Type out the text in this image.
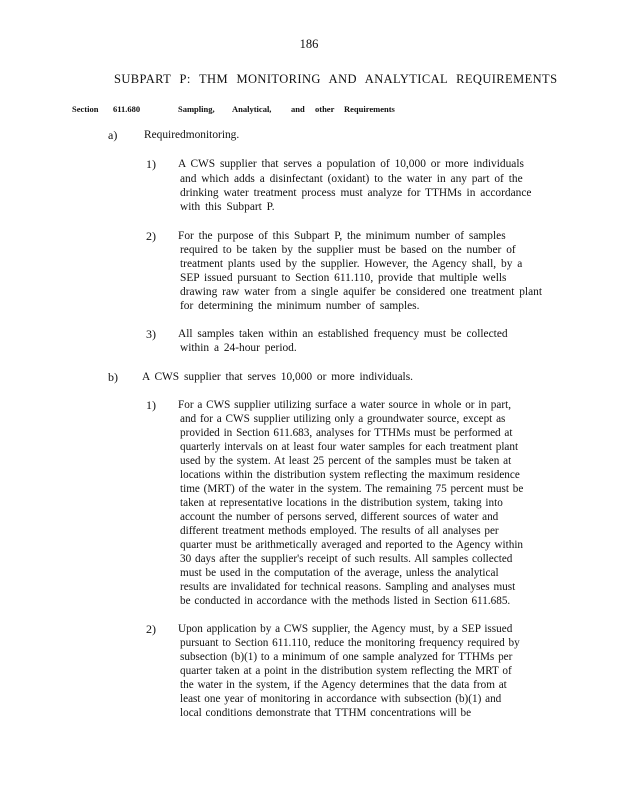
186
SUBPART P: THM MONITORING AND ANALYTICAL REQUIREMENTS
Section 611.680	Sampling, Analytical, and other Requirements
a) Requiredmonitoring.
1) A CWS supplier that serves a population of 10,000 or more individuals
and which adds a disinfectant (oxidant) to the water in any part of the
drinking water treatment process must analyze for TTHMs in accordance
with this Subpart P.
2) For the purpose of this Subpart P, the minimum number of samples
required to be taken by the supplier must be based on the number of
treatment plants used by the supplier. However, the Agency shall, by a
SEP issued pursuant to Section 611.110, provide that multiple wells
drawing raw water from a single aquifer be considered one treatment plant
for determining the minimum number of samples.
3) All samples taken within an established frequency must be collected
within a 24-hour period.
b) A CWS supplier that serves 10,000 or more individuals.
1) For a CWS supplier utilizing surface a water source in whole or in part,
and for a CWS supplier utilizing only a groundwater source, except as
provided in Section 611.683, analyses for TTHMs must be performed at
quarterly intervals on at least four water samples for each treatment plant
used by the system. At least 25 percent of the samples must be taken at
locations within the distribution system reflecting the maximum residence
time (MRT) of the water in the system. The remaining 75 percent must be
taken at representative locations in the distribution system, taking into
account the number of persons served, different sources of water and
different treatment methods employed. The results of all analyses per
quarter must be arithmetically averaged and reported to the Agency within
30 days after the supplier's receipt of such results. All samples collected
must be used in the computation of the average, unless the analytical
results are invalidated for technical reasons. Sampling and analyses must
be conducted in accordance with the methods listed in Section 611.685.
2) Upon application by a CWS supplier, the Agency must, by a SEP issued
pursuant to Section 611.110, reduce the monitoring frequency required by
subsection (b)(1) to a minimum of one sample analyzed for TTHMs per
quarter taken at a point in the distribution system reflecting the MRT of
the water in the system, if the Agency determines that the data from at
least one year of monitoring in accordance with subsection (b)(1) and
local conditions demonstrate that TTHM concentrations will be
